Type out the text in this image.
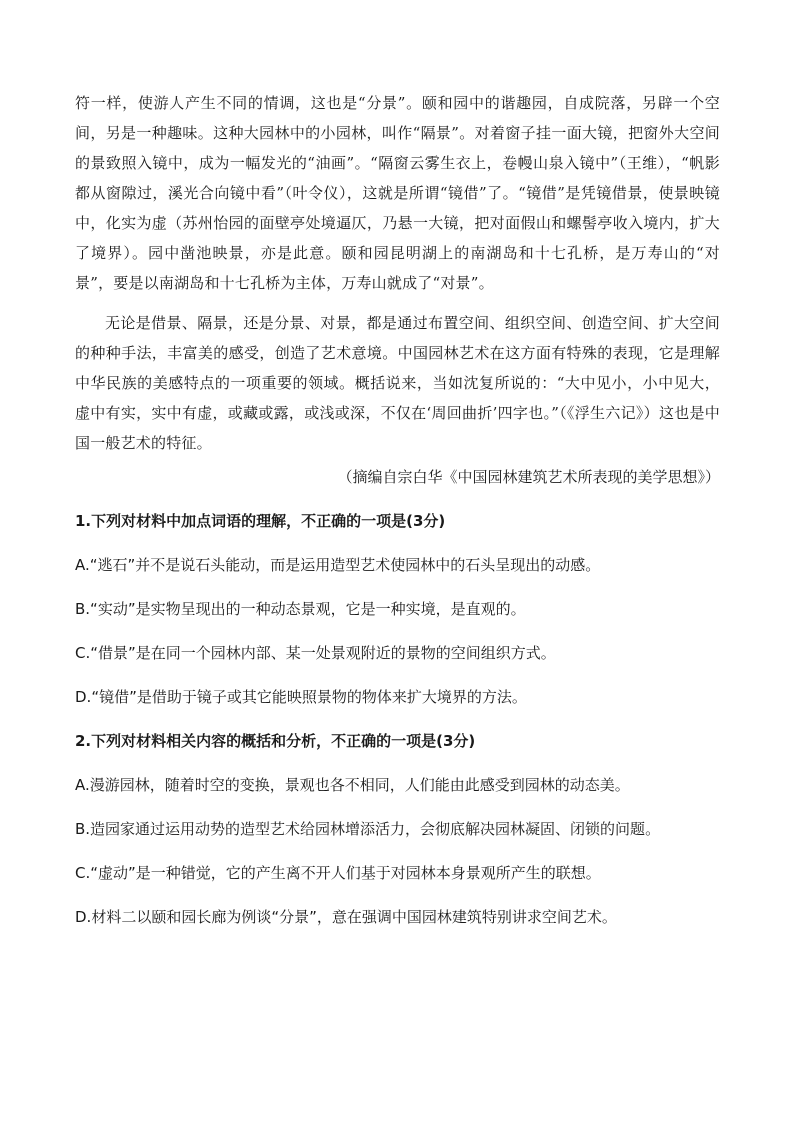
符一样，使游人产生不同的情调，这也是“分景”。颐和园中的谐趣园，自成院落，另辟一个空间，另是一种趣味。这种大园林中的小园林，叫作“隔景”。对着窗子挂一面大镜，把窗外大空间的景致照入镜中，成为一幅发光的“油画”。“隔窗云雾生衣上，卷幔山泉入镜中”（王维），“帆影都从窗隙过，溪光合向镜中看”（叶令仪），这就是所谓“镜借”了。“镜借”是凭镜借景，使景映镜中，化实为虚（苏州怡园的面壁亭处境逼仄，乃悬一大镜，把对面假山和螺髻亭收入境内，扩大了境界）。园中凿池映景，亦是此意。颐和园昆明湖上的南湖岛和十七孔桥，是万寿山的“对景”，要是以南湖岛和十七孔桥为主体，万寿山就成了“对景”。

无论是借景、隔景，还是分景、对景，都是通过布置空间、组织空间、创造空间、扩大空间的种种手法，丰富美的感受，创造了艺术意境。中国园林艺术在这方面有特殊的表现，它是理解中华民族的美感特点的一项重要的领域。概括说来，当如沈复所说的：“大中见小，小中见大，虚中有实，实中有虚，或藏或露，或浅或深，不仅在‘周回曲折’四字也。”（《浮生六记》）这也是中国一般艺术的特征。

（摘编自宗白华《中国园林建筑艺术所表现的美学思想》）

1.下列对材料中加点词语的理解，不正确的一项是(3分)

A.“逃石”并不是说石头能动，而是运用造型艺术使园林中的石头呈现出的动感。

B.“实动”是实物呈现出的一种动态景观，它是一种实境，是直观的。

C.“借景”是在同一个园林内部、某一处景观附近的景物的空间组织方式。

D.“镜借”是借助于镜子或其它能映照景物的物体来扩大境界的方法。

2.下列对材料相关内容的概括和分析，不正确的一项是(3分)

A.漫游园林，随着时空的变换，景观也各不相同，人们能由此感受到园林的动态美。

B.造园家通过运用动势的造型艺术给园林增添活力，会彻底解决园林凝固、闭锁的问题。

C.“虚动”是一种错觉，它的产生离不开人们基于对园林本身景观所产生的联想。

D.材料二以颐和园长廊为例谈“分景”，意在强调中国园林建筑特别讲求空间艺术。
